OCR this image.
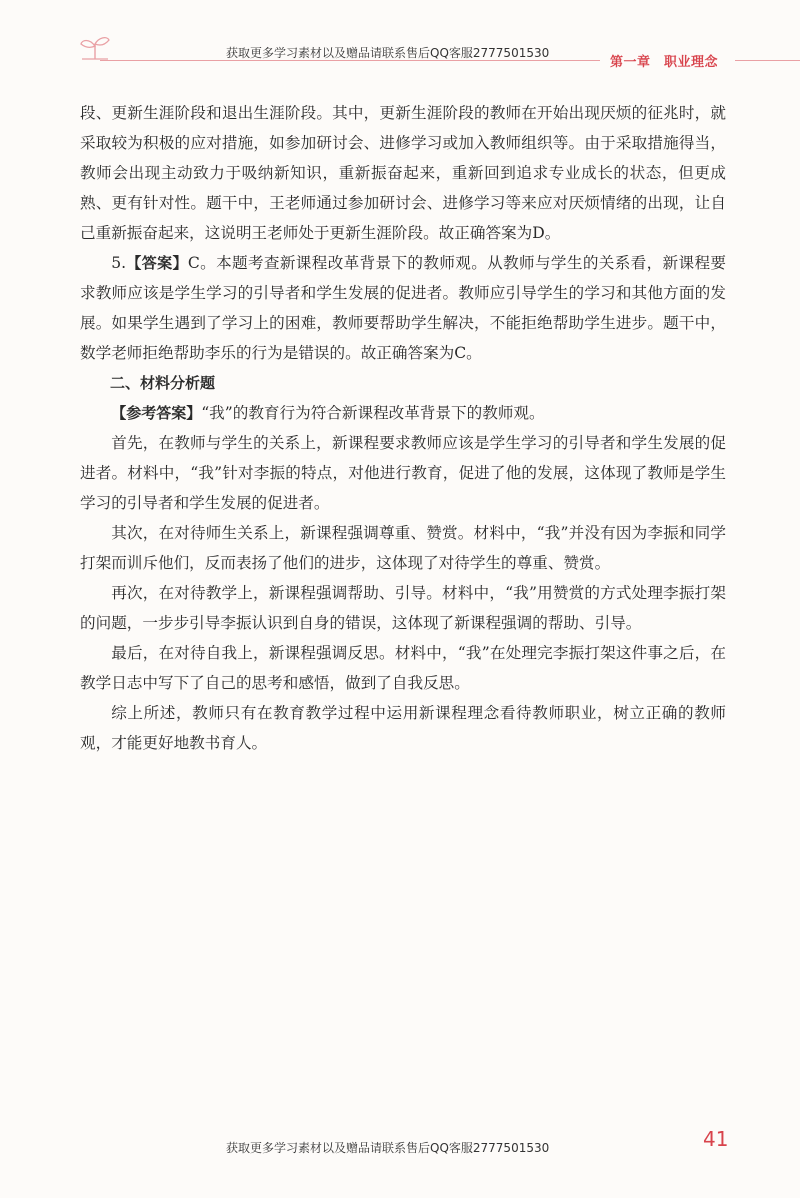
获取更多学习素材以及赠品请联系售后QQ客服2777501530
第一章　职业理念

段、更新生涯阶段和退出生涯阶段。其中，更新生涯阶段的教师在开始出现厌烦的征兆时，就采取较为积极的应对措施，如参加研讨会、进修学习或加入教师组织等。由于采取措施得当，教师会出现主动致力于吸纳新知识，重新振奋起来，重新回到追求专业成长的状态，但更成熟、更有针对性。题干中，王老师通过参加研讨会、进修学习等来应对厌烦情绪的出现，让自己重新振奋起来，这说明王老师处于更新生涯阶段。故正确答案为D。

5.【答案】C。本题考查新课程改革背景下的教师观。从教师与学生的关系看，新课程要求教师应该是学生学习的引导者和学生发展的促进者。教师应引导学生的学习和其他方面的发展。如果学生遇到了学习上的困难，教师要帮助学生解决，不能拒绝帮助学生进步。题干中，数学老师拒绝帮助李乐的行为是错误的。故正确答案为C。

二、材料分析题

【参考答案】“我”的教育行为符合新课程改革背景下的教师观。

首先，在教师与学生的关系上，新课程要求教师应该是学生学习的引导者和学生发展的促进者。材料中，“我”针对李振的特点，对他进行教育，促进了他的发展，这体现了教师是学生学习的引导者和学生发展的促进者。

其次，在对待师生关系上，新课程强调尊重、赞赏。材料中，“我”并没有因为李振和同学打架而训斥他们，反而表扬了他们的进步，这体现了对待学生的尊重、赞赏。

再次，在对待教学上，新课程强调帮助、引导。材料中，“我”用赞赏的方式处理李振打架的问题，一步步引导李振认识到自身的错误，这体现了新课程强调的帮助、引导。

最后，在对待自我上，新课程强调反思。材料中，“我”在处理完李振打架这件事之后，在教学日志中写下了自己的思考和感悟，做到了自我反思。

综上所述，教师只有在教育教学过程中运用新课程理念看待教师职业，树立正确的教师观，才能更好地教书育人。

获取更多学习素材以及赠品请联系售后QQ客服2777501530	41
